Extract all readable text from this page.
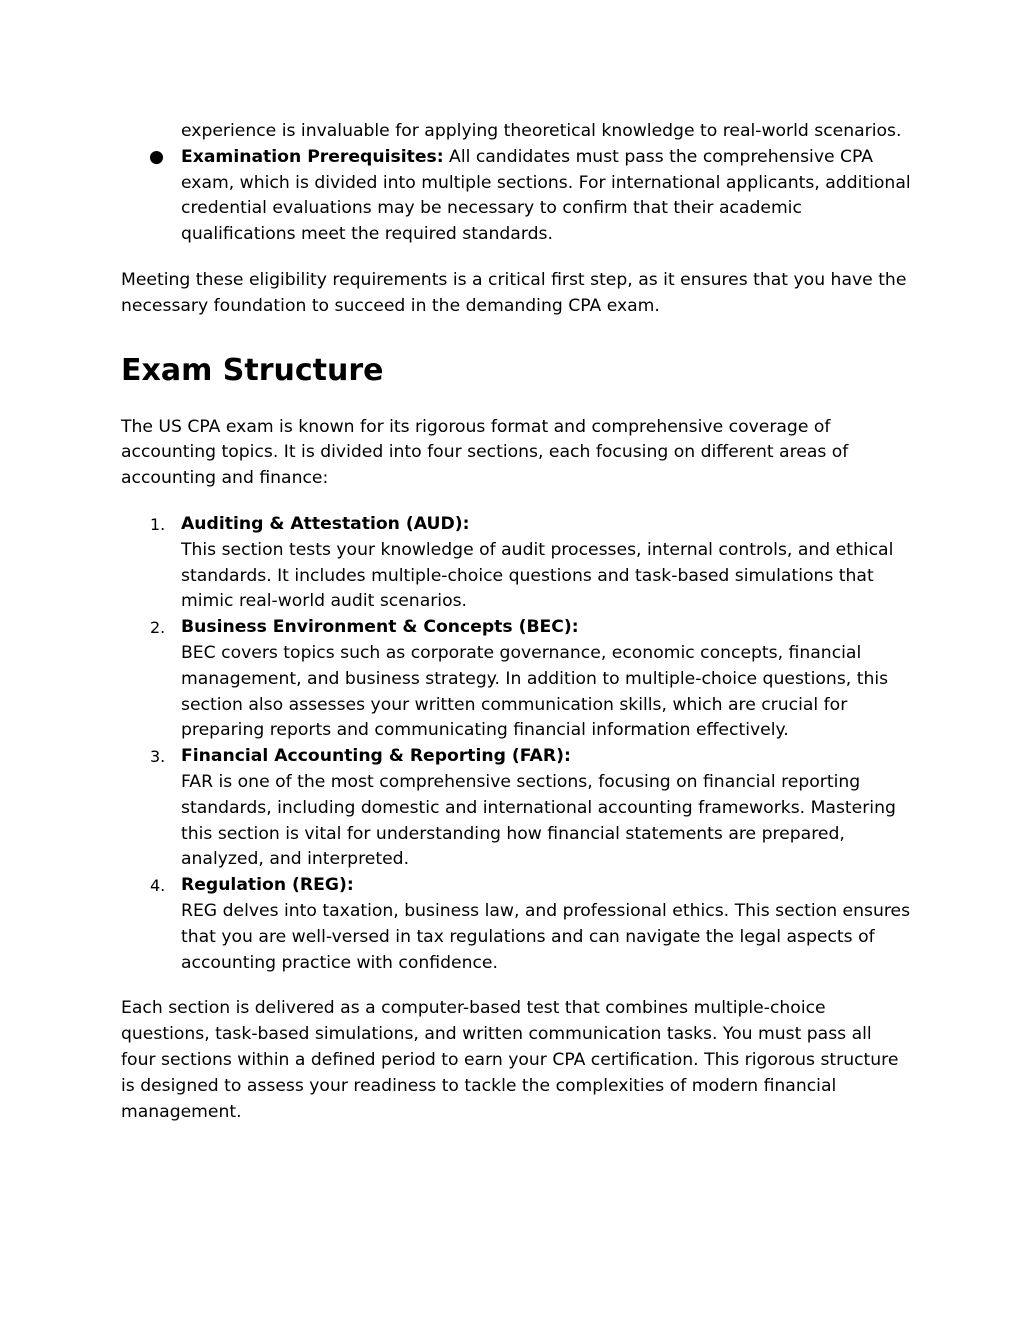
experience is invaluable for applying theoretical knowledge to real-world scenarios.
● Examination Prerequisites: All candidates must pass the comprehensive CPA exam, which is divided into multiple sections. For international applicants, additional credential evaluations may be necessary to confirm that their academic qualifications meet the required standards.

Meeting these eligibility requirements is a critical first step, as it ensures that you have the necessary foundation to succeed in the demanding CPA exam.

Exam Structure

The US CPA exam is known for its rigorous format and comprehensive coverage of accounting topics. It is divided into four sections, each focusing on different areas of accounting and finance:

1. Auditing & Attestation (AUD):
This section tests your knowledge of audit processes, internal controls, and ethical standards. It includes multiple-choice questions and task-based simulations that mimic real-world audit scenarios.
2. Business Environment & Concepts (BEC):
BEC covers topics such as corporate governance, economic concepts, financial management, and business strategy. In addition to multiple-choice questions, this section also assesses your written communication skills, which are crucial for preparing reports and communicating financial information effectively.
3. Financial Accounting & Reporting (FAR):
FAR is one of the most comprehensive sections, focusing on financial reporting standards, including domestic and international accounting frameworks. Mastering this section is vital for understanding how financial statements are prepared, analyzed, and interpreted.
4. Regulation (REG):
REG delves into taxation, business law, and professional ethics. This section ensures that you are well-versed in tax regulations and can navigate the legal aspects of accounting practice with confidence.

Each section is delivered as a computer-based test that combines multiple-choice questions, task-based simulations, and written communication tasks. You must pass all four sections within a defined period to earn your CPA certification. This rigorous structure is designed to assess your readiness to tackle the complexities of modern financial management.
